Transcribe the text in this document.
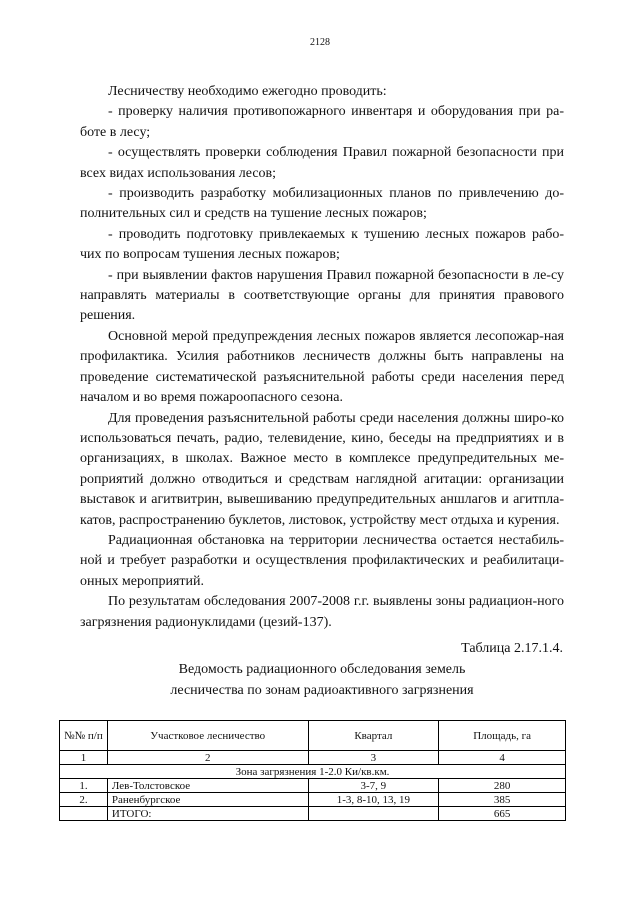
2128

Лесничеству необходимо ежегодно проводить:

- проверку наличия противопожарного инвентаря и оборудования при ра-боте в лесу;

- осуществлять проверки соблюдения Правил пожарной безопасности при всех видах использования лесов;

- производить разработку мобилизационных планов по привлечению до-полнительных сил и средств на тушение лесных пожаров;

- проводить подготовку привлекаемых к тушению лесных пожаров рабо-чих по вопросам тушения лесных пожаров;

- при выявлении фактов нарушения Правил пожарной безопасности в ле-су направлять материалы в соответствующие органы для принятия правового решения.

Основной мерой предупреждения лесных пожаров является лесопожар-ная профилактика. Усилия работников лесничеств должны быть направлены на проведение систематической разъяснительной работы среди населения перед началом и во время пожароопасного сезона.

Для проведения разъяснительной работы среди населения должны широ-ко использоваться печать, радио, телевидение, кино, беседы на предприятиях и в организациях, в школах. Важное место в комплексе предупредительных ме-роприятий должно отводиться и средствам наглядной агитации: организации выставок и агитвитрин, вывешиванию предупредительных аншлагов и агитпла-катов, распространению буклетов, листовок, устройству мест отдыха и курения.

Радиационная обстановка на территории лесничества остается нестабиль-ной и требует разработки и осуществления профилактических и реабилитаци-онных мероприятий.

По результатам обследования 2007-2008 г.г. выявлены зоны радиацион-ного загрязнения радионуклидами (цезий-137).

Таблица 2.17.1.4.
Ведомость радиационного обследования земель
лесничества по зонам радиоактивного загрязнения
№№ п/п	Участковое лесничество	Квартал	Площадь, га
1	2	3	4
Зона загрязнения 1-2.0 Ки/кв.км.			
1.	Лев-Толстовское	3-7, 9	280
2.	Раненбургское	1-3, 8-10, 13, 19	385
	ИТОГО:		665
